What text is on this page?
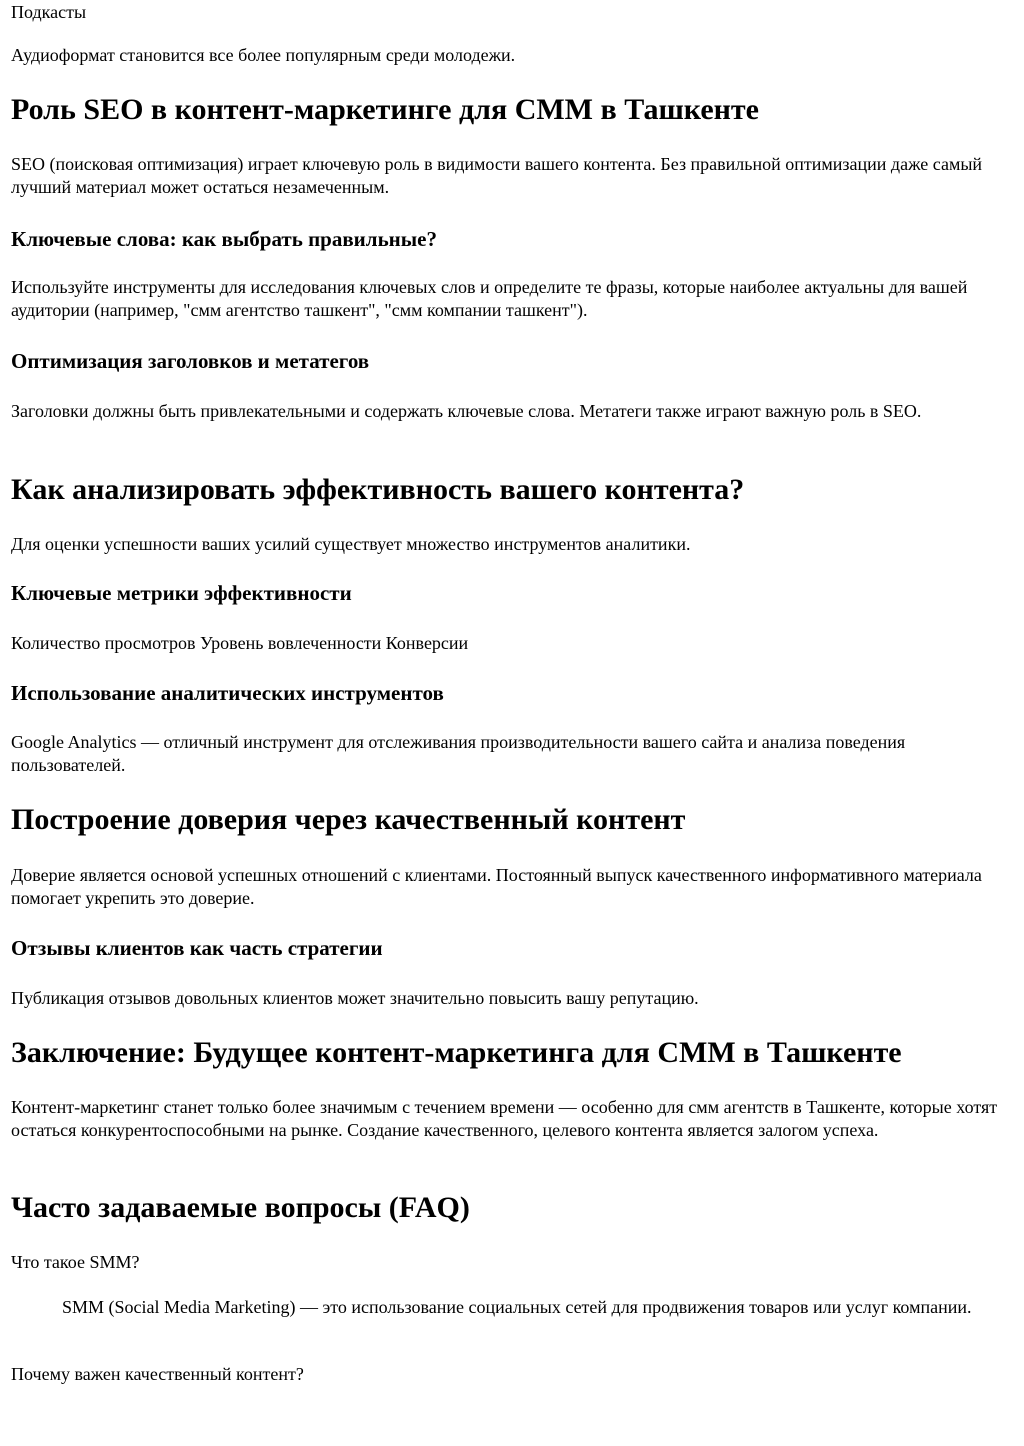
Подкасты

Аудиоформат становится все более популярным среди молодежи.

Роль SEO в контент-маркетинге для СММ в Ташкенте

SEO (поисковая оптимизация) играет ключевую роль в видимости вашего контента. Без правильной оптимизации даже самый лучший материал может остаться незамеченным.

Ключевые слова: как выбрать правильные?

Используйте инструменты для исследования ключевых слов и определите те фразы, которые наиболее актуальны для вашей аудитории (например, "смм агентство ташкент", "смм компании ташкент").

Оптимизация заголовков и метатегов

Заголовки должны быть привлекательными и содержать ключевые слова. Метатеги также играют важную роль в SEO.

Как анализировать эффективность вашего контента?

Для оценки успешности ваших усилий существует множество инструментов аналитики.

Ключевые метрики эффективности

Количество просмотров Уровень вовлеченности Конверсии

Использование аналитических инструментов

Google Analytics — отличный инструмент для отслеживания производительности вашего сайта и анализа поведения пользователей.

Построение доверия через качественный контент

Доверие является основой успешных отношений с клиентами. Постоянный выпуск качественного информативного материала помогает укрепить это доверие.

Отзывы клиентов как часть стратегии

Публикация отзывов довольных клиентов может значительно повысить вашу репутацию.

Заключение: Будущее контент-маркетинга для СММ в Ташкенте

Контент-маркетинг станет только более значимым с течением времени — особенно для смм агентств в Ташкенте, которые хотят остаться конкурентоспособными на рынке. Создание качественного, целевого контента является залогом успеха.

Часто задаваемые вопросы (FAQ)
Что такое SMM?
SMM (Social Media Marketing) — это использование социальных сетей для продвижения товаров или услуг компании.
Почему важен качественный контент?
